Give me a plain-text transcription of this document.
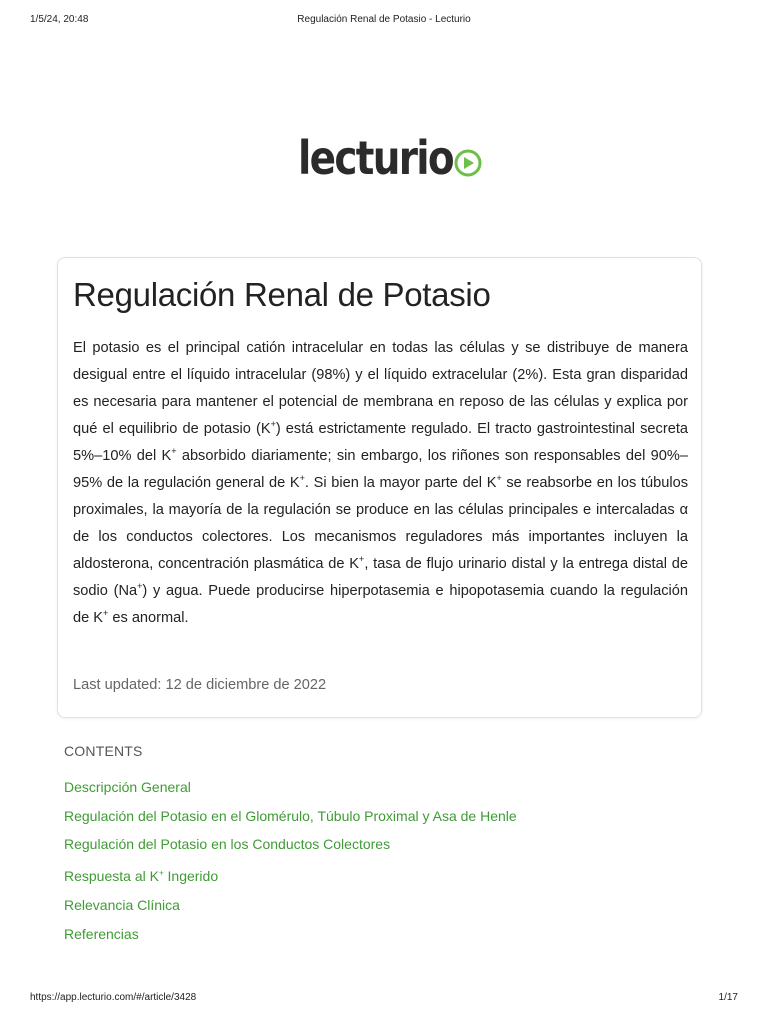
1/5/24, 20:48	Regulación Renal de Potasio - Lecturio
lecturio
Regulación Renal de Potasio
El potasio es el principal catión intracelular en todas las células y se distribuye de manera desigual entre el líquido intracelular (98%) y el líquido extracelular (2%). Esta gran disparidad es necesaria para mantener el potencial de membrana en reposo de las células y explica por qué el equilibrio de potasio (K+) está estrictamente regulado. El tracto gastrointestinal secreta 5%–10% del K+ absorbido diariamente; sin embargo, los riñones son responsables del 90%–95% de la regulación general de K+. Si bien la mayor parte del K+ se reabsorbe en los túbulos proximales, la mayoría de la regulación se produce en las células principales e intercaladas α de los conductos colectores. Los mecanismos reguladores más importantes incluyen la aldosterona, concentración plasmática de K+, tasa de flujo urinario distal y la entrega distal de sodio (Na+) y agua. Puede producirse hiperpotasemia e hipopotasemia cuando la regulación de K+ es anormal.
Last updated: 12 de diciembre de 2022
CONTENTS
Descripción General
Regulación del Potasio en el Glomérulo, Túbulo Proximal y Asa de Henle
Regulación del Potasio en los Conductos Colectores
Respuesta al K+ Ingerido
Relevancia Clínica
Referencias
https://app.lecturio.com/#/article/3428	1/17
